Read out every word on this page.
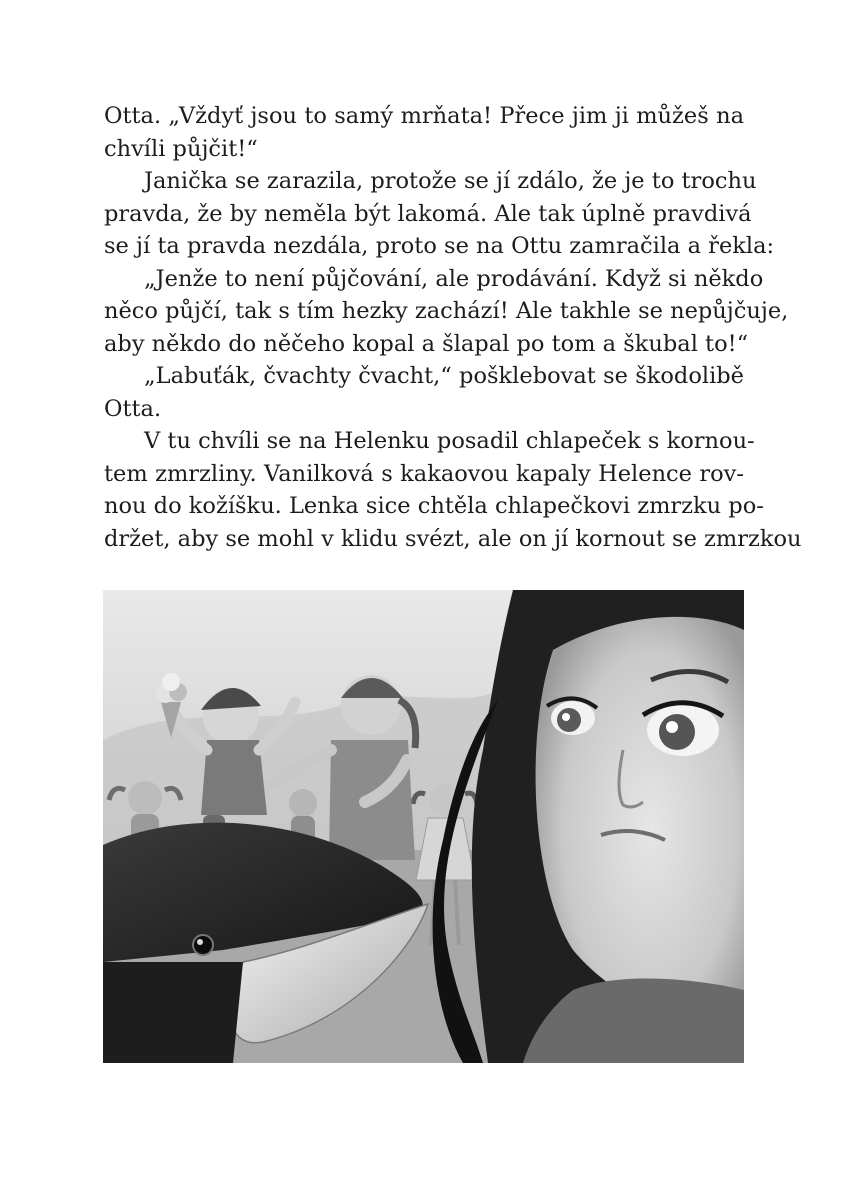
Otta. „Vždyť jsou to samý mrňata! Přece jim ji můžeš na
chvíli půjčit!“
Janička se zarazila, protože se jí zdálo, že je to trochu
pravda, že by neměla být lakomá. Ale tak úplně pravdivá
se jí ta pravda nezdála, proto se na Ottu zamračila a řekla:
„Jenže to není půjčování, ale prodávání. Když si někdo
něco půjčí, tak s tím hezky zachází! Ale takhle se nepůjčuje,
aby někdo do něčeho kopal a šlapal po tom a škubal to!“
„Labuťák, čvachty čvacht,“ pošklebovat se škodolibě
Otta.
V tu chvíli se na Helenku posadil chlapeček s kornou-
tem zmrzliny. Vanilková s kakaovou kapaly Helence rov-
nou do kožíšku. Lenka sice chtěla chlapečkovi zmrzku po-
držet, aby se mohl v klidu svézt, ale on jí kornout se zmrzkou
